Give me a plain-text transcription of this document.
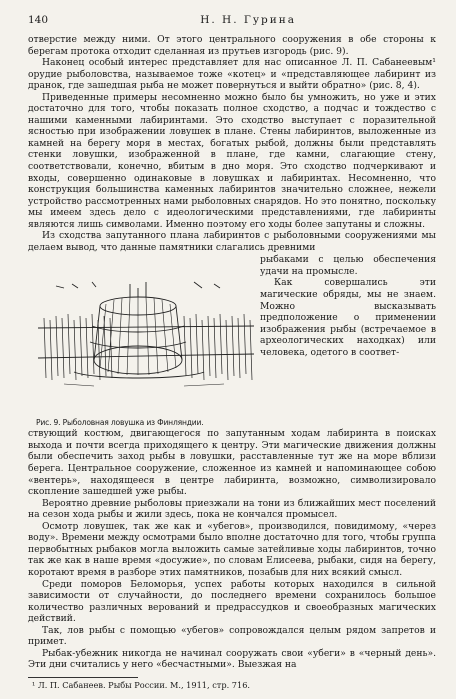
140	Н. Н. Гурина

отверстие между ними. От этого центрального сооружения в обе стороны к берегам протока отходит сделанная из прутьев изгородь (рис. 9).

Наконец особый интерес представляет для нас описанное Л. П. Сабанеевым¹ орудие рыболовства, называемое тоже «котец» и «представляющее лабиринт из дранок, где зашедшая рыба не может повернуться и выйти обратно» (рис. 8, 4).

Приведенные примеры несомненно можно было бы умножить, но уже и этих достаточно для того, чтобы показать полное сходство, а подчас и тождество с нашими каменными лабиринтами. Это сходство выступает с поразительной ясностью при изображении ловушек в плане. Стены лабиринтов, выложенные из камней на берегу моря в местах, богатых рыбой, должны были представлять стенки ловушки, изображенной в плане, где камни, слагающие стену, соответствовали, конечно, вбитым в дно моря. Это сходство подчеркивают и входы, совершенно одинаковые в ловушках и лабиринтах. Несомненно, что конструкция большинства каменных лабиринтов значительно сложнее, нежели устройство рассмотренных нами рыболовных снарядов. Но это понятно, поскольку мы имеем здесь дело с идеологическими представлениями, где лабиринты являются лишь символами. Именно поэтому его ходы более запутаны и сложны.

Из сходства запутанного плана лабиринтов с рыболовными сооружениями мы делаем вывод, что данные памятники слагались древними

Рис. 9. Рыболовная ловушка из Финляндии.

рыбаками с целью обеспечения удачи на промысле.

Как совершались эти магические обряды, мы не знаем. Можно высказывать предположение о применении изображения рыбы (встречаемое в археологических находках) или человека, одетого в соответ-

ствующий костюм, двигающегося по запутанным ходам лабиринта в поисках выхода и почти всегда приходящего к центру. Эти магические движения должны были обеспечить заход рыбы в ловушки, расставленные тут же на море вблизи берега. Центральное сооружение, сложенное из камней и напоминающее собою «вентерь», находящееся в центре лабиринта, возможно, символизировало скопление зашедшей уже рыбы.

Вероятно древние рыболовы приезжали на тони из ближайших мест поселений на сезон хода рыбы и жили здесь, пока не кончался промысел.

Осмотр ловушек, так же как и «убегов», производился, повидимому, «через воду». Времени между осмотрами было вполне достаточно для того, чтобы группа первобытных рыбаков могла выложить самые затейливые ходы лабиринтов, точно так же как в наше время «досужие», по словам Елисеева, рыбаки, сидя на берегу, коротают время в разборе этих памятников, позабыв для них всякий смысл.

Среди поморов Беломорья, успех работы которых находился в сильной зависимости от случайности, до последнего времени сохранилось большое количество различных верований и предрассудков и своеобразных магических действий.

Так, лов рыбы с помощью «убегов» сопровождался целым рядом запретов и примет.

Рыбак-убежник никогда не начинал сооружать свои «убеги» в «черный день». Эти дни считались у него «бесчастными». Выезжая на

¹ Л. П. Сабанеев. Рыбы России. М., 1911, стр. 716.
